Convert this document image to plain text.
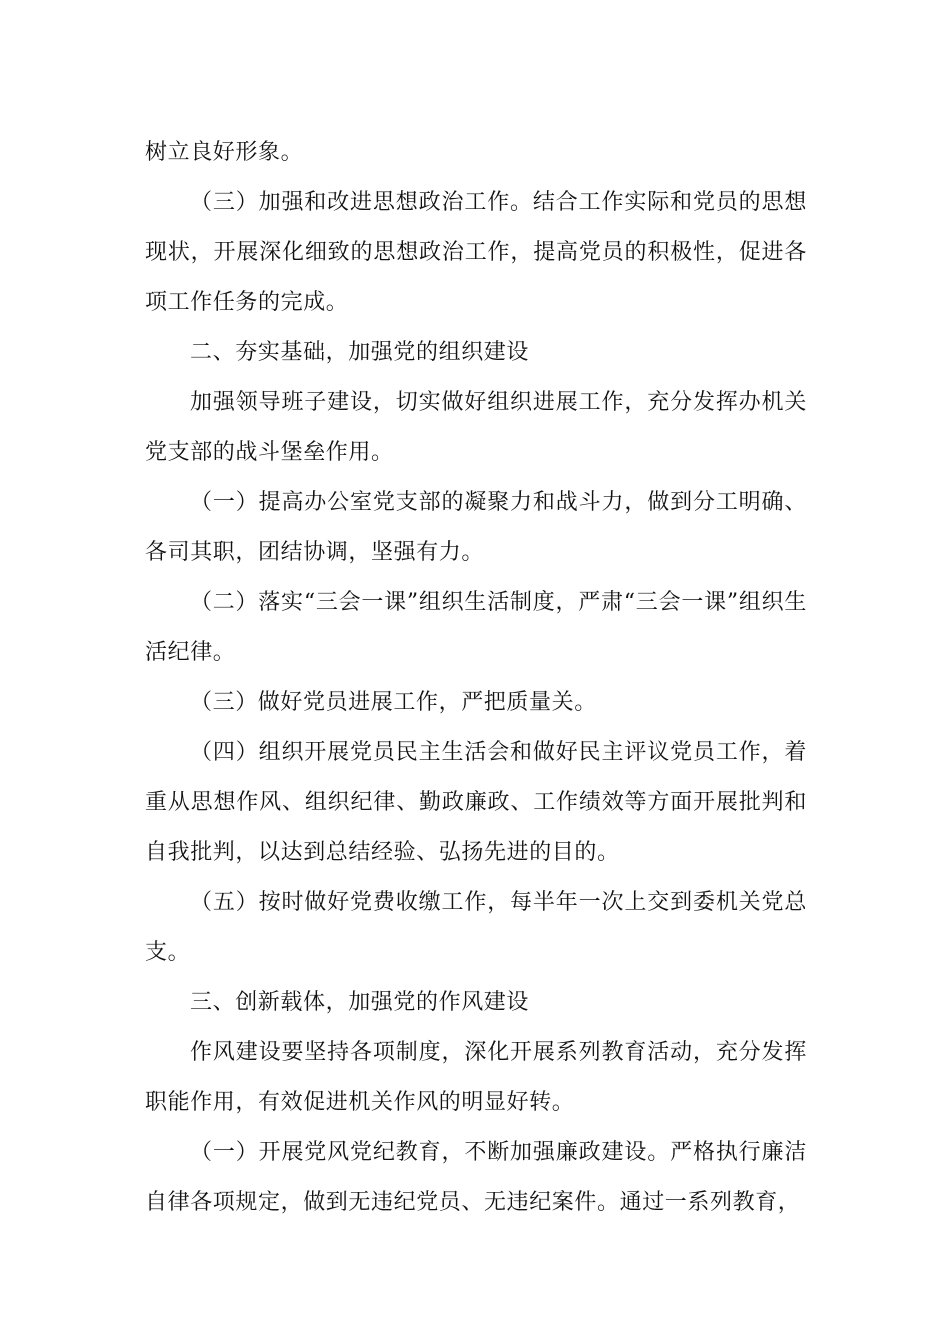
树立良好形象。

（三）加强和改进思想政治工作。结合工作实际和党员的思想现状，开展深化细致的思想政治工作，提高党员的积极性，促进各项工作任务的完成。

二、夯实基础，加强党的组织建设

加强领导班子建设，切实做好组织进展工作，充分发挥办机关党支部的战斗堡垒作用。

（一）提高办公室党支部的凝聚力和战斗力，做到分工明确、各司其职，团结协调，坚强有力。

（二）落实“三会一课”组织生活制度，严肃“三会一课”组织生活纪律。

（三）做好党员进展工作，严把质量关。

（四）组织开展党员民主生活会和做好民主评议党员工作，着重从思想作风、组织纪律、勤政廉政、工作绩效等方面开展批判和自我批判，以达到总结经验、弘扬先进的目的。

（五）按时做好党费收缴工作，每半年一次上交到委机关党总支。

三、创新载体，加强党的作风建设

作风建设要坚持各项制度，深化开展系列教育活动，充分发挥职能作用，有效促进机关作风的明显好转。

（一）开展党风党纪教育，不断加强廉政建设。严格执行廉洁自律各项规定，做到无违纪党员、无违纪案件。通过一系列教育，
